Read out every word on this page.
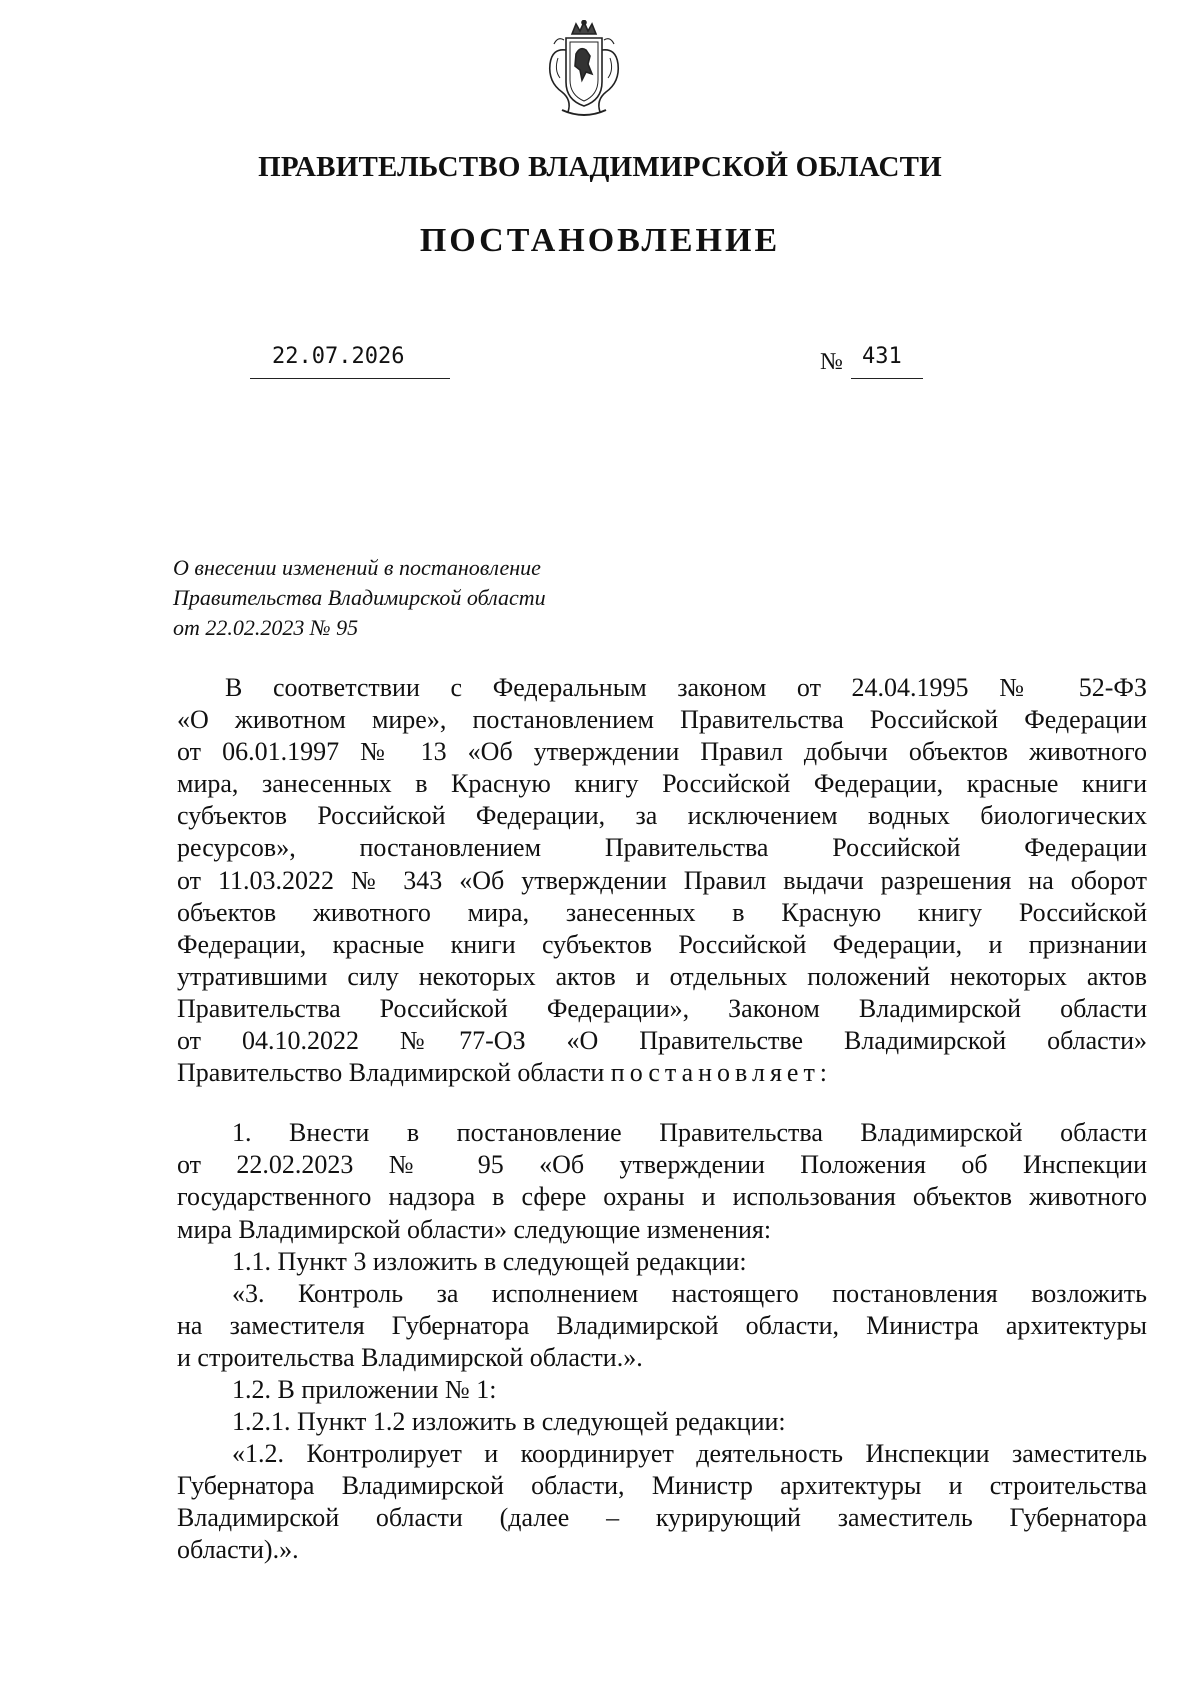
ПРАВИТЕЛЬСТВО ВЛАДИМИРСКОЙ ОБЛАСТИ
ПОСТАНОВЛЕНИЕ
22.07.2026	№ 431
О внесении изменений в постановление
Правительства Владимирской области
от 22.02.2023 № 95
В соответствии с Федеральным законом от 24.04.1995 № 52-ФЗ
«О животном мире», постановлением Правительства Российской Федерации
от 06.01.1997 № 13 «Об утверждении Правил добычи объектов животного
мира, занесенных в Красную книгу Российской Федерации, красные книги
субъектов Российской Федерации, за исключением водных биологических
ресурсов», постановлением Правительства Российской Федерации
от 11.03.2022 № 343 «Об утверждении Правил выдачи разрешения на оборот
объектов животного мира, занесенных в Красную книгу Российской
Федерации, красные книги субъектов Российской Федерации, и признании
утратившими силу некоторых актов и отдельных положений некоторых актов
Правительства Российской Федерации», Законом Владимирской области
от 04.10.2022 №77-ОЗ «О Правительстве Владимирской области»
Правительство Владимирской области постановляет:
1. Внести в постановление Правительства Владимирской области
от 22.02.2023 № 95 «Об утверждении Положения об Инспекции
государственного надзора в сфере охраны и использования объектов животного
мира Владимирской области» следующие изменения:
1.1. Пункт 3 изложить в следующей редакции:
«3. Контроль за исполнением настоящего постановления возложить
на заместителя Губернатора Владимирской области, Министра архитектуры
и строительства Владимирской области.».
1.2. В приложении № 1:
1.2.1. Пункт 1.2 изложить в следующей редакции:
«1.2. Контролирует и координирует деятельность Инспекции заместитель
Губернатора Владимирской области, Министр архитектуры и строительства
Владимирской области (далее – курирующий заместитель Губернатора
области).».
